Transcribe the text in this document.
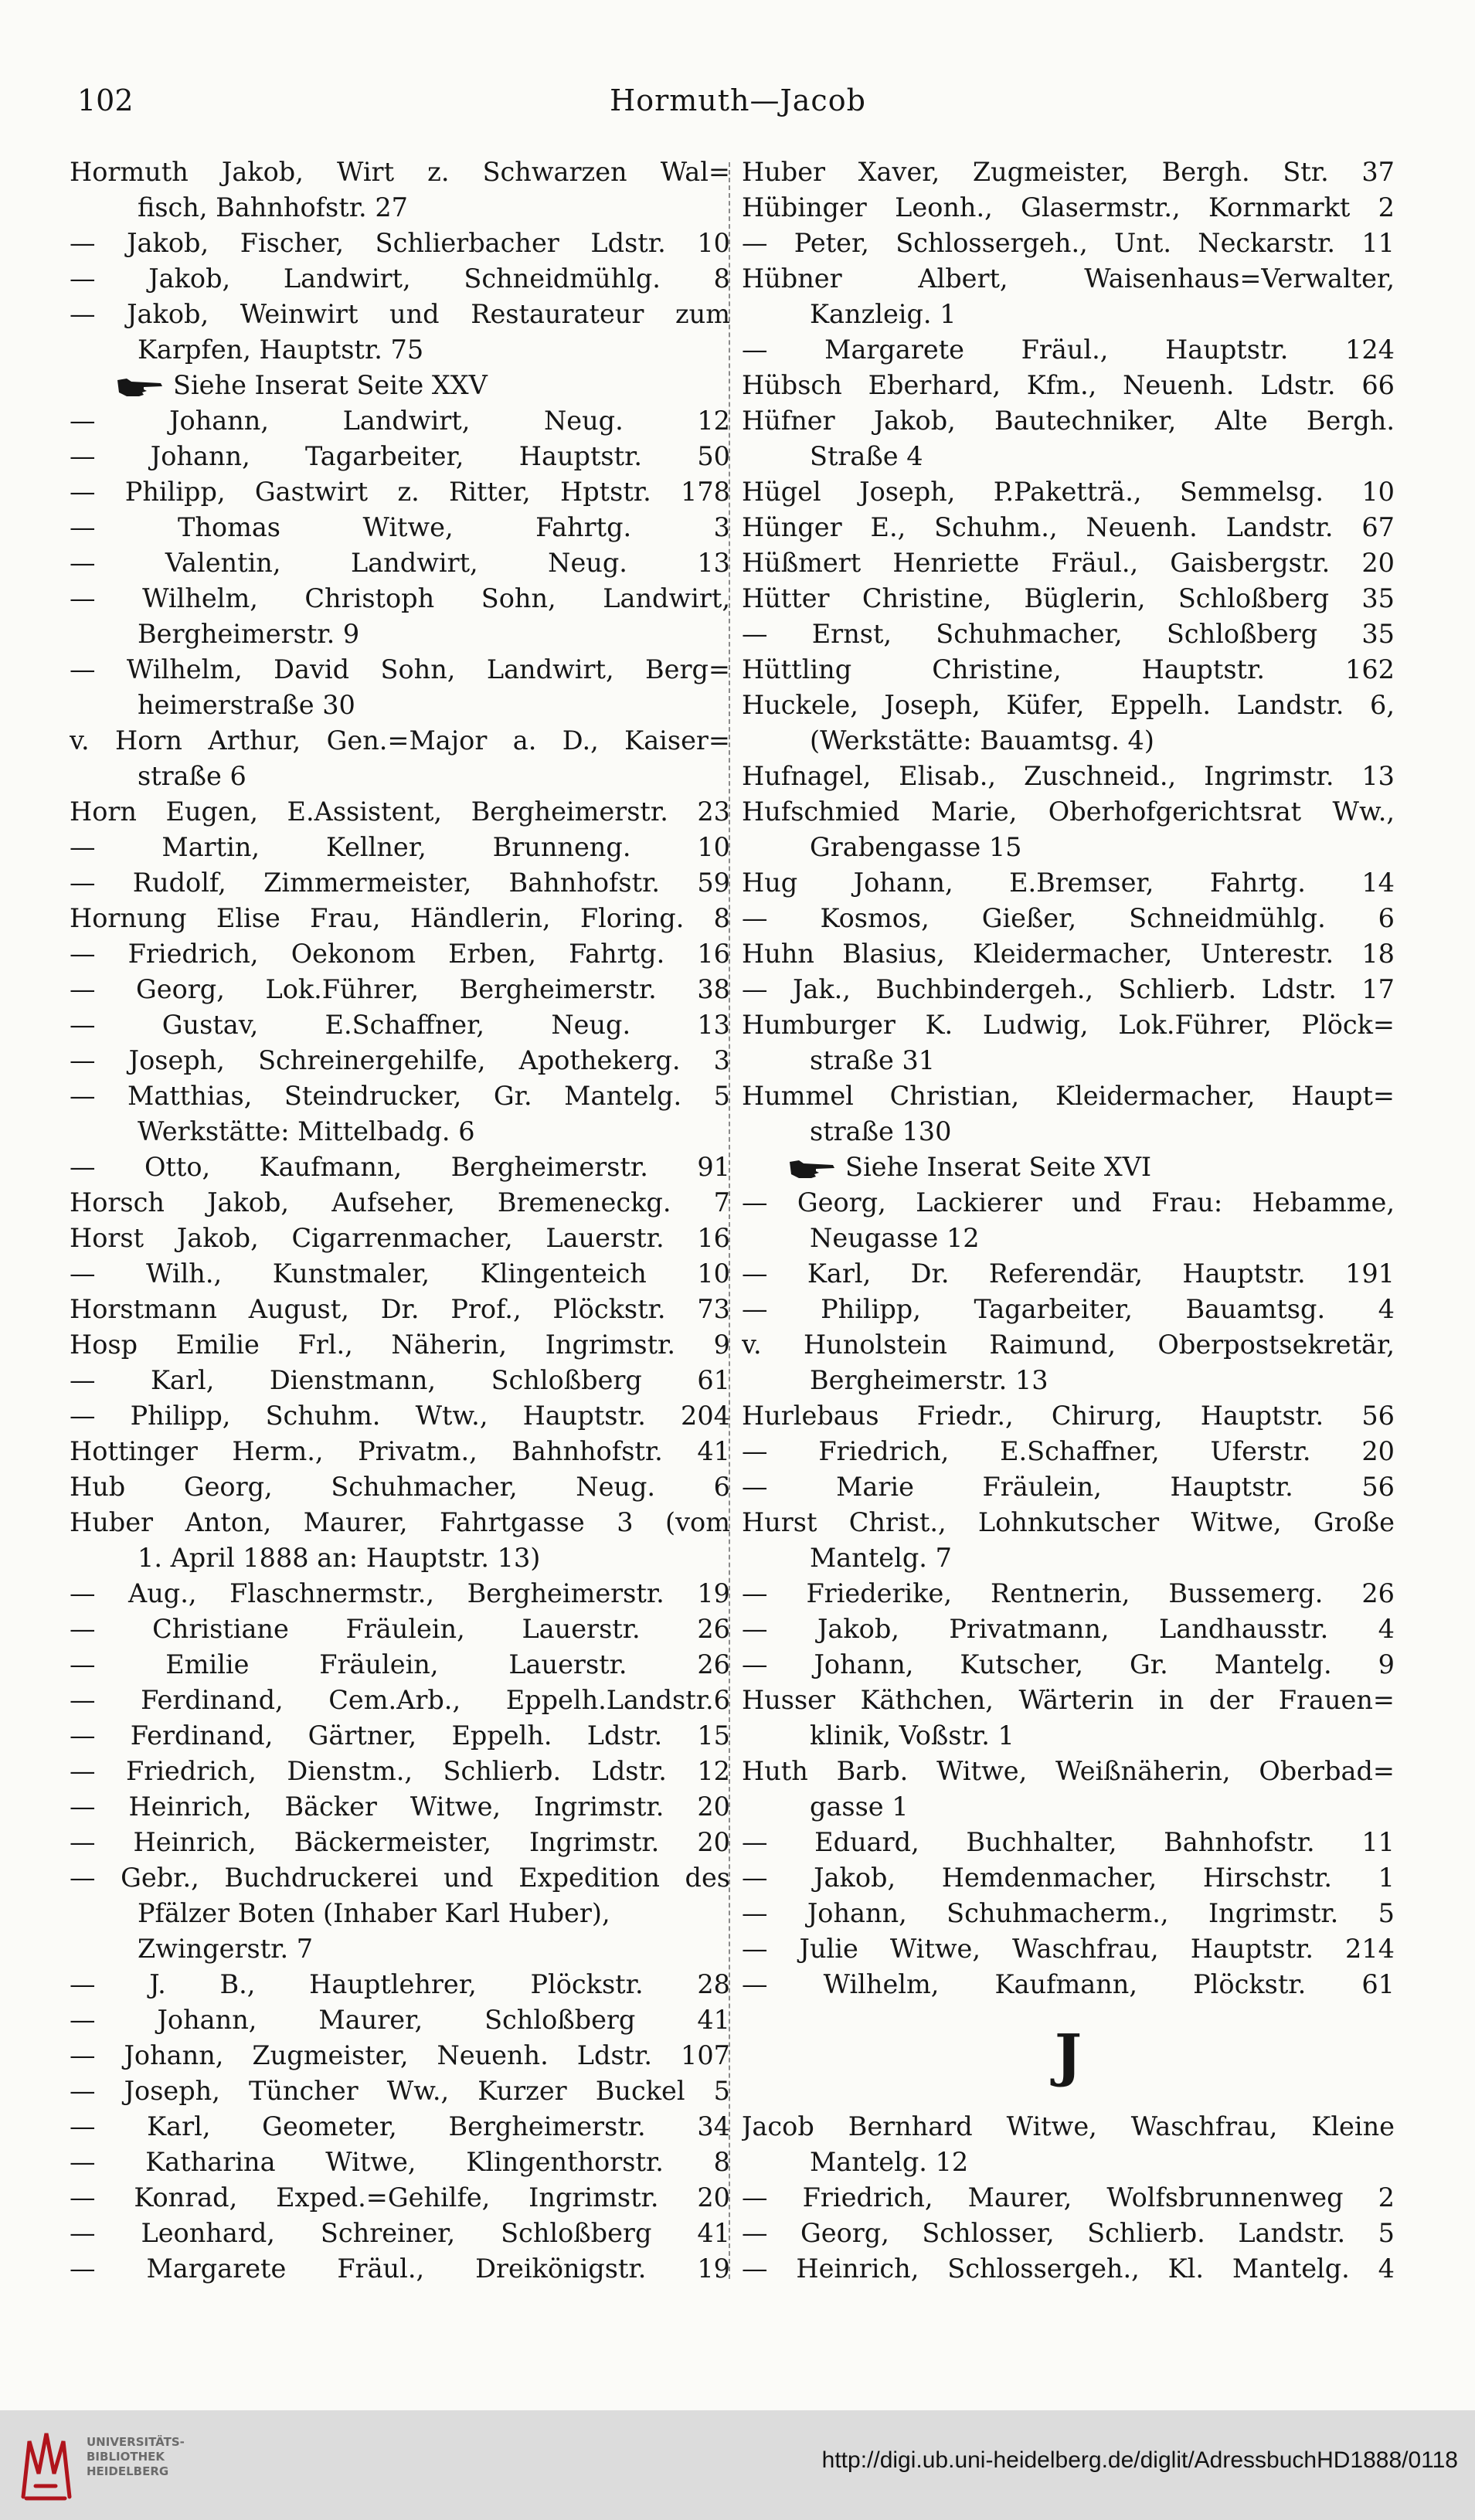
102	Hormuth—Jacob
Hormuth Jakob, Wirt z. Schwarzen Wal=
fisch, Bahnhofstr. 27
— Jakob, Fischer, Schlierbacher Ldstr. 10
— Jakob, Landwirt, Schneidmühlg. 8
— Jakob, Weinwirt und Restaurateur zum
Karpfen, Hauptstr. 75
Siehe Inserat Seite XXV
— Johann, Landwirt, Neug. 12
— Johann, Tagarbeiter, Hauptstr. 50
— Philipp, Gastwirt z. Ritter, Hptstr. 178
— Thomas Witwe, Fahrtg. 3
— Valentin, Landwirt, Neug. 13
— Wilhelm, Christoph Sohn, Landwirt,
Bergheimerstr. 9
— Wilhelm, David Sohn, Landwirt, Berg=
heimerstraße 30
v. Horn Arthur, Gen.=Major a. D., Kaiser=
straße 6
Horn Eugen, E.Assistent, Bergheimerstr. 23
— Martin, Kellner, Brunneng. 10
— Rudolf, Zimmermeister, Bahnhofstr. 59
Hornung Elise Frau, Händlerin, Floring. 8
— Friedrich, Oekonom Erben, Fahrtg. 16
— Georg, Lok.Führer, Bergheimerstr. 38
— Gustav, E.Schaffner, Neug. 13
— Joseph, Schreinergehilfe, Apothekerg. 3
— Matthias, Steindrucker, Gr. Mantelg. 5
Werkstätte: Mittelbadg. 6
— Otto, Kaufmann, Bergheimerstr. 91
Horsch Jakob, Aufseher, Bremeneckg. 7
Horst Jakob, Cigarrenmacher, Lauerstr. 16
— Wilh., Kunstmaler, Klingenteich 10
Horstmann August, Dr. Prof., Plöckstr. 73
Hosp Emilie Frl., Näherin, Ingrimstr. 9
— Karl, Dienstmann, Schloßberg 61
— Philipp, Schuhm. Wtw., Hauptstr. 204
Hottinger Herm., Privatm., Bahnhofstr. 41
Hub Georg, Schuhmacher, Neug. 6
Huber Anton, Maurer, Fahrtgasse 3 (vom
1. April 1888 an: Hauptstr. 13)
— Aug., Flaschnermstr., Bergheimerstr. 19
— Christiane Fräulein, Lauerstr. 26
— Emilie Fräulein, Lauerstr. 26
— Ferdinand, Cem.Arb., Eppelh.Landstr.6
— Ferdinand, Gärtner, Eppelh. Ldstr. 15
— Friedrich, Dienstm., Schlierb. Ldstr. 12
— Heinrich, Bäcker Witwe, Ingrimstr. 20
— Heinrich, Bäckermeister, Ingrimstr. 20
— Gebr., Buchdruckerei und Expedition des
Pfälzer Boten (Inhaber Karl Huber),
Zwingerstr. 7
— J. B., Hauptlehrer, Plöckstr. 28
— Johann, Maurer, Schloßberg 41
— Johann, Zugmeister, Neuenh. Ldstr. 107
— Joseph, Tüncher Ww., Kurzer Buckel 5
— Karl, Geometer, Bergheimerstr. 34
— Katharina Witwe, Klingenthorstr. 8
— Konrad, Exped.=Gehilfe, Ingrimstr. 20
— Leonhard, Schreiner, Schloßberg 41
— Margarete Fräul., Dreikönigstr. 19
Huber Xaver, Zugmeister, Bergh. Str. 37
Hübinger Leonh., Glasermstr., Kornmarkt 2
— Peter, Schlossergeh., Unt. Neckarstr. 11
Hübner Albert, Waisenhaus=Verwalter,
Kanzleig. 1
— Margarete Fräul., Hauptstr. 124
Hübsch Eberhard, Kfm., Neuenh. Ldstr. 66
Hüfner Jakob, Bautechniker, Alte Bergh.
Straße 4
Hügel Joseph, P.Paketträ., Semmelsg. 10
Hünger E., Schuhm., Neuenh. Landstr. 67
Hüßmert Henriette Fräul., Gaisbergstr. 20
Hütter Christine, Büglerin, Schloßberg 35
— Ernst, Schuhmacher, Schloßberg 35
Hüttling Christine, Hauptstr. 162
Huckele, Joseph, Küfer, Eppelh. Landstr. 6,
(Werkstätte: Bauamtsg. 4)
Hufnagel, Elisab., Zuschneid., Ingrimstr. 13
Hufschmied Marie, Oberhofgerichtsrat Ww.,
Grabengasse 15
Hug Johann, E.Bremser, Fahrtg. 14
— Kosmos, Gießer, Schneidmühlg. 6
Huhn Blasius, Kleidermacher, Unterestr. 18
— Jak., Buchbindergeh., Schlierb. Ldstr. 17
Humburger K. Ludwig, Lok.Führer, Plöck=
straße 31
Hummel Christian, Kleidermacher, Haupt=
straße 130
Siehe Inserat Seite XVI
— Georg, Lackierer und Frau: Hebamme,
Neugasse 12
— Karl, Dr. Referendär, Hauptstr. 191
— Philipp, Tagarbeiter, Bauamtsg. 4
v. Hunolstein Raimund, Oberpostsekretär,
Bergheimerstr. 13
Hurlebaus Friedr., Chirurg, Hauptstr. 56
— Friedrich, E.Schaffner, Uferstr. 20
— Marie Fräulein, Hauptstr. 56
Hurst Christ., Lohnkutscher Witwe, Große
Mantelg. 7
— Friederike, Rentnerin, Bussemerg. 26
— Jakob, Privatmann, Landhausstr. 4
— Johann, Kutscher, Gr. Mantelg. 9
Husser Käthchen, Wärterin in der Frauen=
klinik, Voßstr. 1
Huth Barb. Witwe, Weißnäherin, Oberbad=
gasse 1
— Eduard, Buchhalter, Bahnhofstr. 11
— Jakob, Hemdenmacher, Hirschstr. 1
— Johann, Schuhmacherm., Ingrimstr. 5
— Julie Witwe, Waschfrau, Hauptstr. 214
— Wilhelm, Kaufmann, Plöckstr. 61
J
Jacob Bernhard Witwe, Waschfrau, Kleine
Mantelg. 12
— Friedrich, Maurer, Wolfsbrunnenweg 2
— Georg, Schlosser, Schlierb. Landstr. 5
— Heinrich, Schlossergeh., Kl. Mantelg. 4
UNIVERSITÄTS-
BIBLIOTHEK
HEIDELBERG	http://digi.ub.uni-heidelberg.de/diglit/AdressbuchHD1888/0118
